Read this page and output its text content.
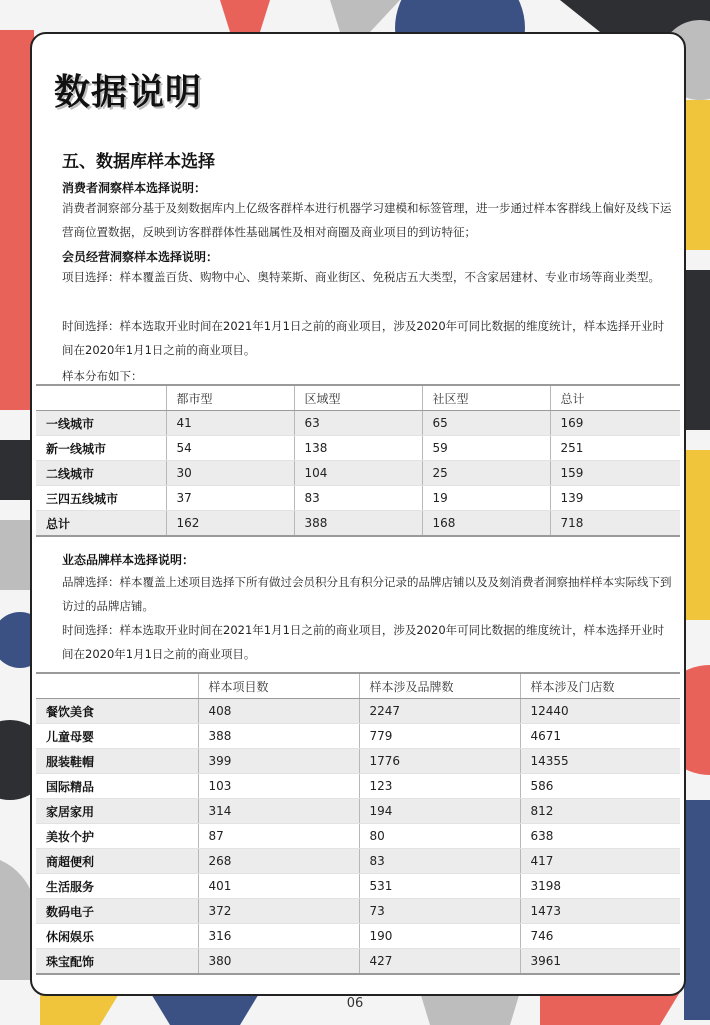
数据说明
五、数据库样本选择
消费者洞察样本选择说明：
消费者洞察部分基于及刻数据库内上亿级客群样本进行机器学习建模和标签管理，进一步通过样本客群线上偏好及线下运营商位置数据，反映到访客群群体性基础属性及相对商圈及商业项目的到访特征；
会员经营洞察样本选择说明：
项目选择：样本覆盖百货、购物中心、奥特莱斯、商业街区、免税店五大类型，不含家居建材、专业市场等商业类型。
时间选择：样本选取开业时间在2021年1月1日之前的商业项目，涉及2020年可同比数据的维度统计，样本选择开业时间在2020年1月1日之前的商业项目。
样本分布如下：
	都市型	区域型	社区型	总计
一线城市	41	63	65	169
新一线城市	54	138	59	251
二线城市	30	104	25	159
三四五线城市	37	83	19	139
总计	162	388	168	718
业态品牌样本选择说明：
品牌选择：样本覆盖上述项目选择下所有做过会员积分且有积分记录的品牌店铺以及及刻消费者洞察抽样样本实际线下到访过的品牌店铺。
时间选择：样本选取开业时间在2021年1月1日之前的商业项目，涉及2020年可同比数据的维度统计，样本选择开业时间在2020年1月1日之前的商业项目。
	样本项目数	样本涉及品牌数	样本涉及门店数
餐饮美食	408	2247	12440
儿童母婴	388	779	4671
服装鞋帽	399	1776	14355
国际精品	103	123	586
家居家用	314	194	812
美妆个护	87	80	638
商超便利	268	83	417
生活服务	401	531	3198
数码电子	372	73	1473
休闲娱乐	316	190	746
珠宝配饰	380	427	3961
06
